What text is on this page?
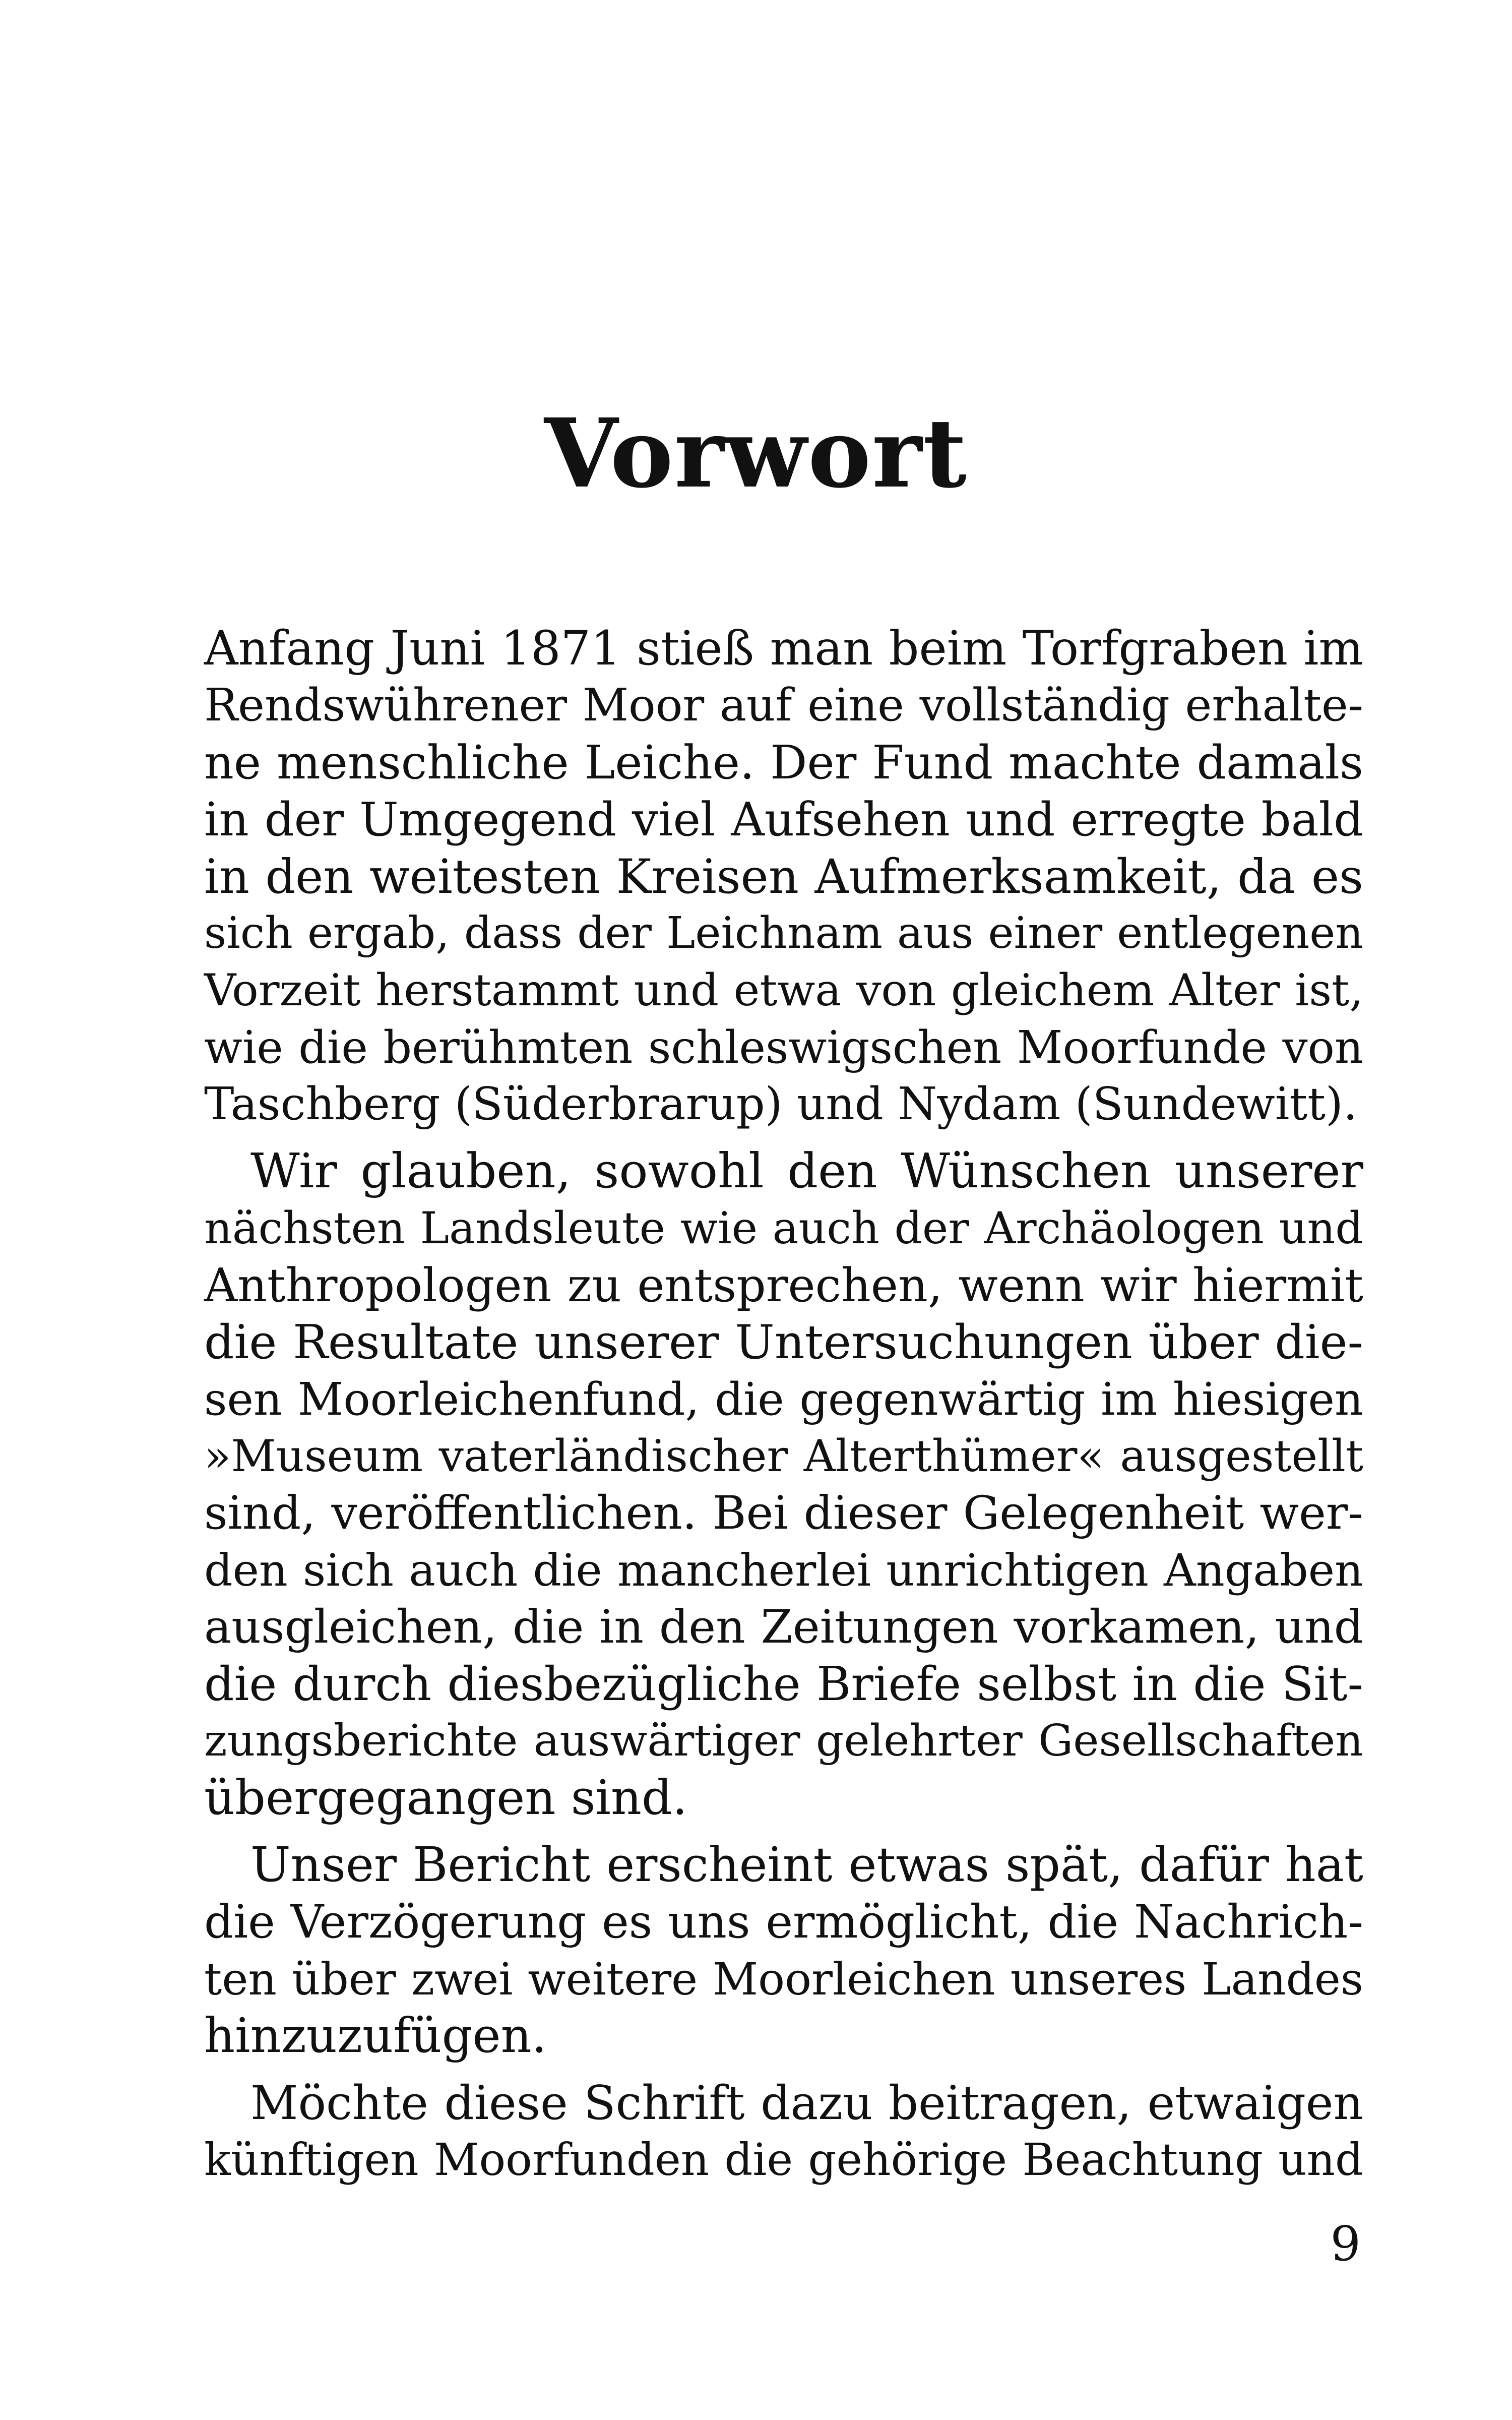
Vorwort

Anfang Juni 1871 stieß man beim Torfgraben im
Rendswührener Moor auf eine vollständig erhalte-
ne menschliche Leiche. Der Fund machte damals
in der Umgegend viel Aufsehen und erregte bald
in den weitesten Kreisen Aufmerksamkeit, da es
sich ergab, dass der Leichnam aus einer entlegenen
Vorzeit herstammt und etwa von gleichem Alter ist,
wie die berühmten schleswigschen Moorfunde von
Taschberg (Süderbrarup) und Nydam (Sundewitt).

Wir glauben, sowohl den Wünschen unserer
nächsten Landsleute wie auch der Archäologen und
Anthropologen zu entsprechen, wenn wir hiermit
die Resultate unserer Untersuchungen über die-
sen Moorleichenfund, die gegenwärtig im hiesigen
»Museum vaterländischer Alterthümer« ausgestellt
sind, veröffentlichen. Bei dieser Gelegenheit wer-
den sich auch die mancherlei unrichtigen Angaben
ausgleichen, die in den Zeitungen vorkamen, und
die durch diesbezügliche Briefe selbst in die Sit-
zungsberichte auswärtiger gelehrter Gesellschaften
übergegangen sind.

Unser Bericht erscheint etwas spät, dafür hat
die Verzögerung es uns ermöglicht, die Nachrich-
ten über zwei weitere Moorleichen unseres Landes
hinzuzufügen.

Möchte diese Schrift dazu beitragen, etwaigen
künftigen Moorfunden die gehörige Beachtung und

9
